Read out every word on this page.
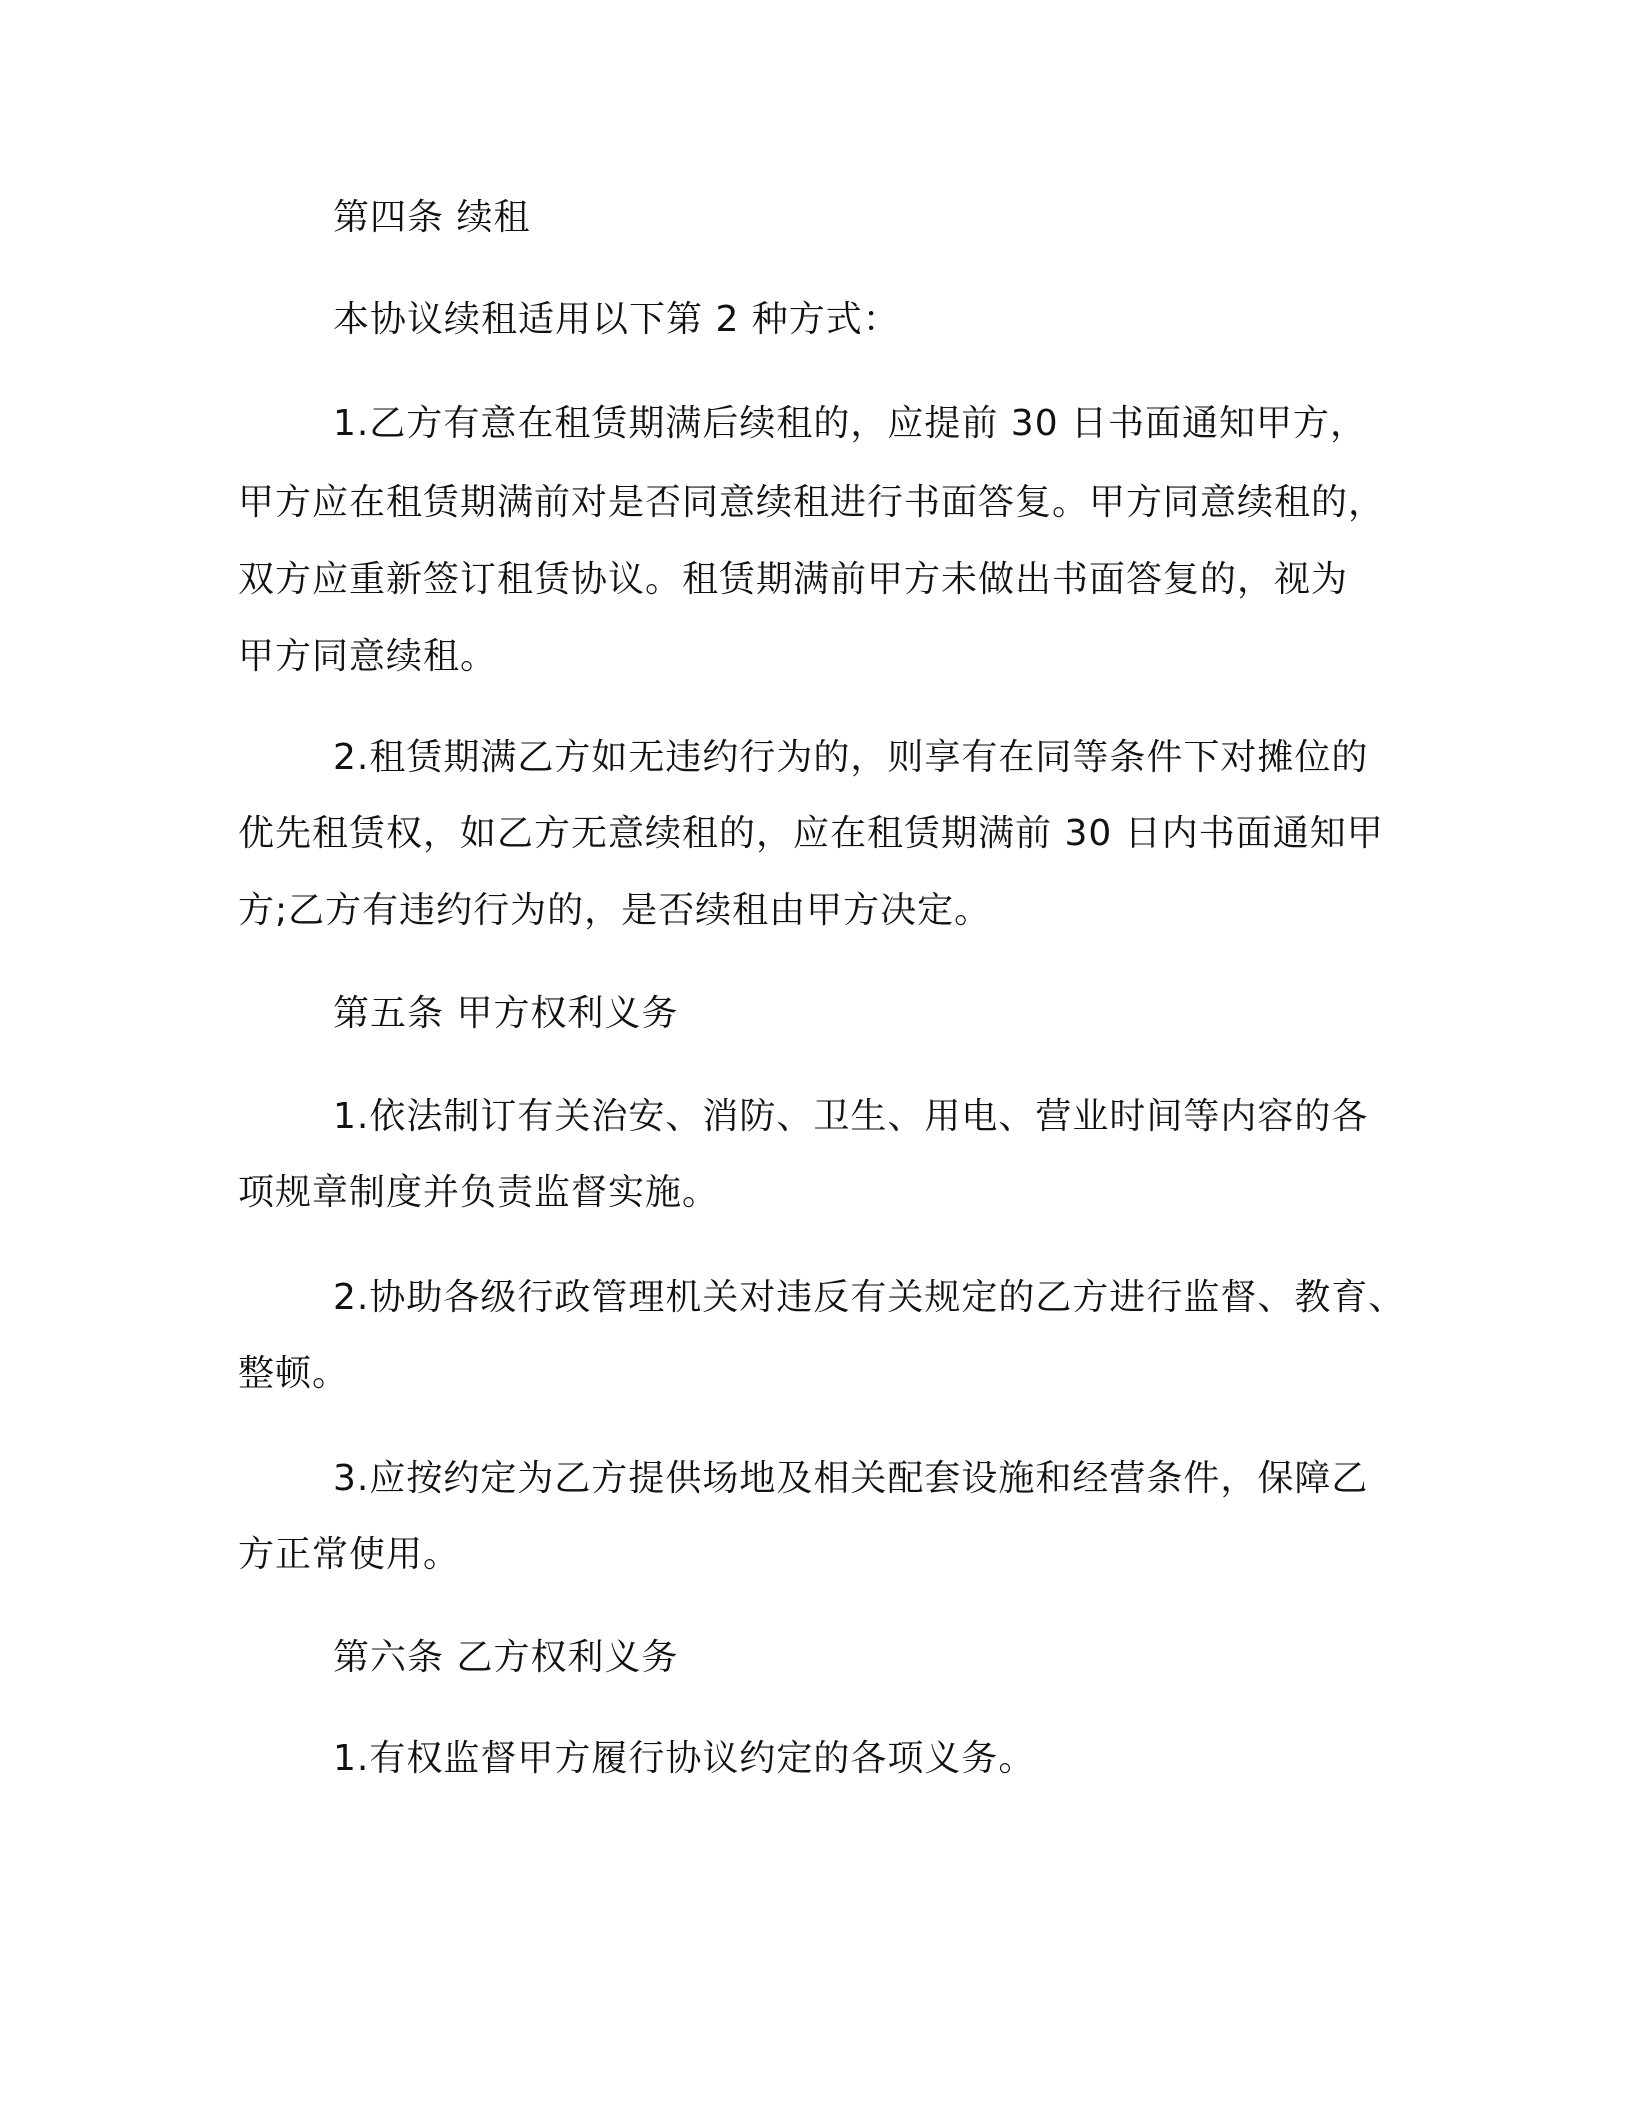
第四条 续租
本协议续租适用以下第 2 种方式：
1.乙方有意在租赁期满后续租的，应提前 30 日书面通知甲方，
甲方应在租赁期满前对是否同意续租进行书面答复。甲方同意续租的，
双方应重新签订租赁协议。租赁期满前甲方未做出书面答复的，视为
甲方同意续租。
2.租赁期满乙方如无违约行为的，则享有在同等条件下对摊位的
优先租赁权，如乙方无意续租的，应在租赁期满前 30 日内书面通知甲
方;乙方有违约行为的，是否续租由甲方决定。
第五条 甲方权利义务
1.依法制订有关治安、消防、卫生、用电、营业时间等内容的各
项规章制度并负责监督实施。
2.协助各级行政管理机关对违反有关规定的乙方进行监督、教育、
整顿。
3.应按约定为乙方提供场地及相关配套设施和经营条件，保障乙
方正常使用。
第六条 乙方权利义务
1.有权监督甲方履行协议约定的各项义务。
